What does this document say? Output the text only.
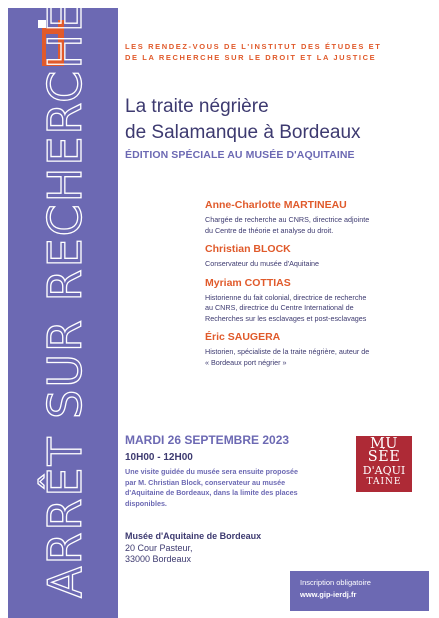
ARRÊT SUR RECHERCHE	LES RENDEZ-VOUS DE L'INSTITUT DES ÉTUDES ET
DE LA RECHERCHE SUR LE DROIT ET LA JUSTICE
La traite négrière
de Salamanque à Bordeaux
ÉDITION SPÉCIALE AU MUSÉE D'AQUITAINE
Anne-Charlotte MARTINEAU
Chargée de recherche au CNRS, directrice adjointe
du Centre de théorie et analyse du droit.
Christian BLOCK
Conservateur du musée d'Aquitaine
Myriam COTTIAS
Historienne du fait colonial, directrice de recherche
au CNRS, directrice du Centre International de
Recherches sur les esclavages et post-esclavages
Éric SAUGERA
Historien, spécialiste de la traite négrière, auteur de
« Bordeaux port négrier »
MARDI 26 SEPTEMBRE 2023
10H00 - 12H00
Une visite guidée du musée sera ensuite proposée
par M. Christian Block, conservateur au musée
d'Aquitaine de Bordeaux, dans la limite des places
disponibles.
MU SÉE
D'AQUI
TAINE
Musée d'Aquitaine de Bordeaux
20 Cour Pasteur,
33000 Bordeaux
Inscription obligatoire
www.gip-ierdj.fr
